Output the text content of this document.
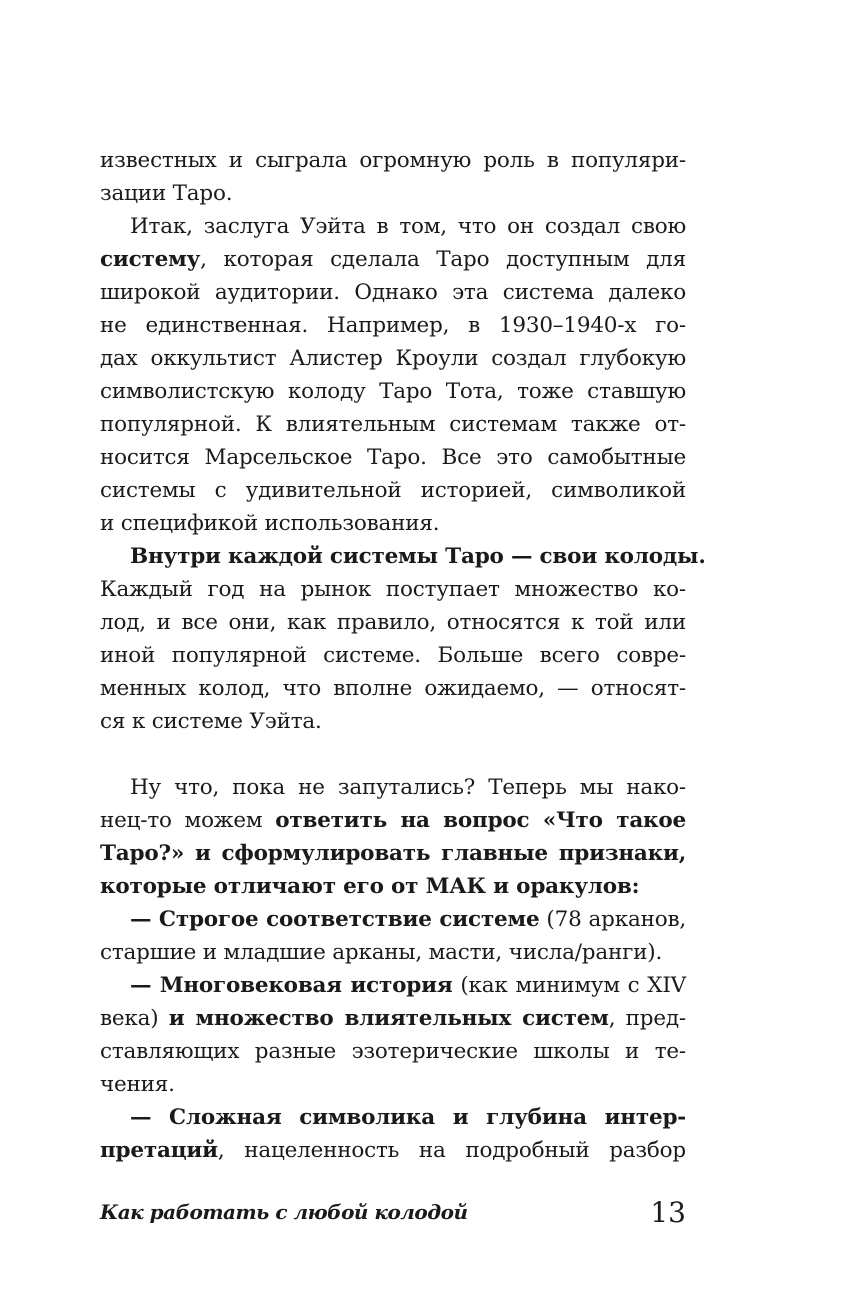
известных и сыграла огромную роль в популяри-
зации Таро.
Итак, заслуга Уэйта в том, что он создал свою
систему, которая сделала Таро доступным для
широкой аудитории. Однако эта система далеко
не единственная. Например, в 1930–1940-х го-
дах оккультист Алистер Кроули создал глубокую
символистскую колоду Таро Тота, тоже ставшую
популярной. К влиятельным системам также от-
носится Марсельское Таро. Все это самобытные
системы с удивительной историей, символикой
и спецификой использования.
Внутри каждой системы Таро — свои колоды.
Каждый год на рынок поступает множество ко-
лод, и все они, как правило, относятся к той или
иной популярной системе. Больше всего совре-
менных колод, что вполне ожидаемо, — относят-
ся к системе Уэйта.
Ну что, пока не запутались? Теперь мы нако-
нец-то можем ответить на вопрос «Что такое
Таро?» и сформулировать главные признаки,
которые отличают его от МАК и оракулов:
— Строгое соответствие системе (78 арканов,
старшие и младшие арканы, масти, числа/ранги).
— Многовековая история (как минимум с XIV
века) и множество влиятельных систем, пред-
ставляющих разные эзотерические школы и те-
чения.
— Сложная символика и глубина интер-
претаций, нацеленность на подробный разбор
Как работать с любой колодой	13
